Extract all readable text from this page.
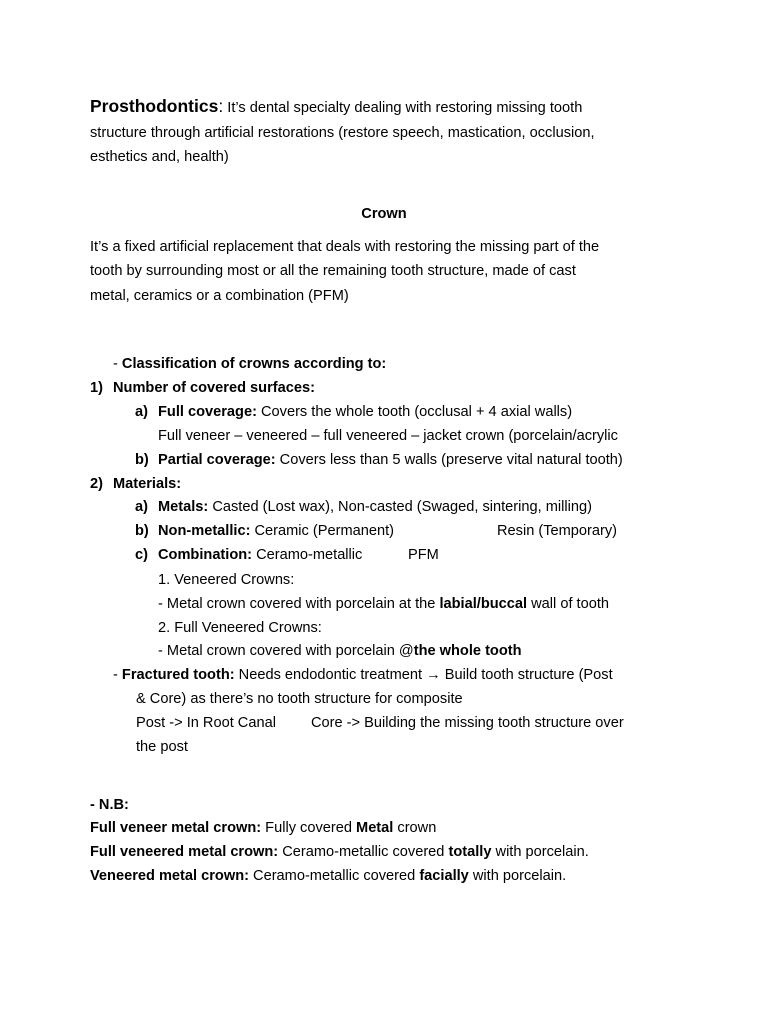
Prosthodontics: It’s dental specialty dealing with restoring missing tooth
structure through artificial restorations (restore speech, mastication, occlusion,
esthetics and, health)
Crown
It’s a fixed artificial replacement that deals with restoring the missing part of the
tooth by surrounding most or all the remaining tooth structure, made of cast
metal, ceramics or a combination (PFM)
- Classification of crowns according to:
1) Number of covered surfaces:
a) Full coverage: Covers the whole tooth (occlusal + 4 axial walls)
Full veneer – veneered – full veneered – jacket crown (porcelain/acrylic
b) Partial coverage: Covers less than 5 walls (preserve vital natural tooth)
2) Materials:
a) Metals: Casted (Lost wax), Non-casted (Swaged, sintering, milling)
b) Non-metallic: Ceramic (Permanent)	Resin (Temporary)
c) Combination: Ceramo-metallic	PFM
1. Veneered Crowns:
- Metal crown covered with porcelain at the labial/buccal wall of tooth
2. Full Veneered Crowns:
- Metal crown covered with porcelain @the whole tooth
- Fractured tooth: Needs endodontic treatment → Build tooth structure (Post
& Core) as there’s no tooth structure for composite
Post -> In Root Canal Core -> Building the missing tooth structure over
the post
- N.B:
Full veneer metal crown: Fully covered Metal crown
Full veneered metal crown: Ceramo-metallic covered totally with porcelain.
Veneered metal crown: Ceramo-metallic covered facially with porcelain.
